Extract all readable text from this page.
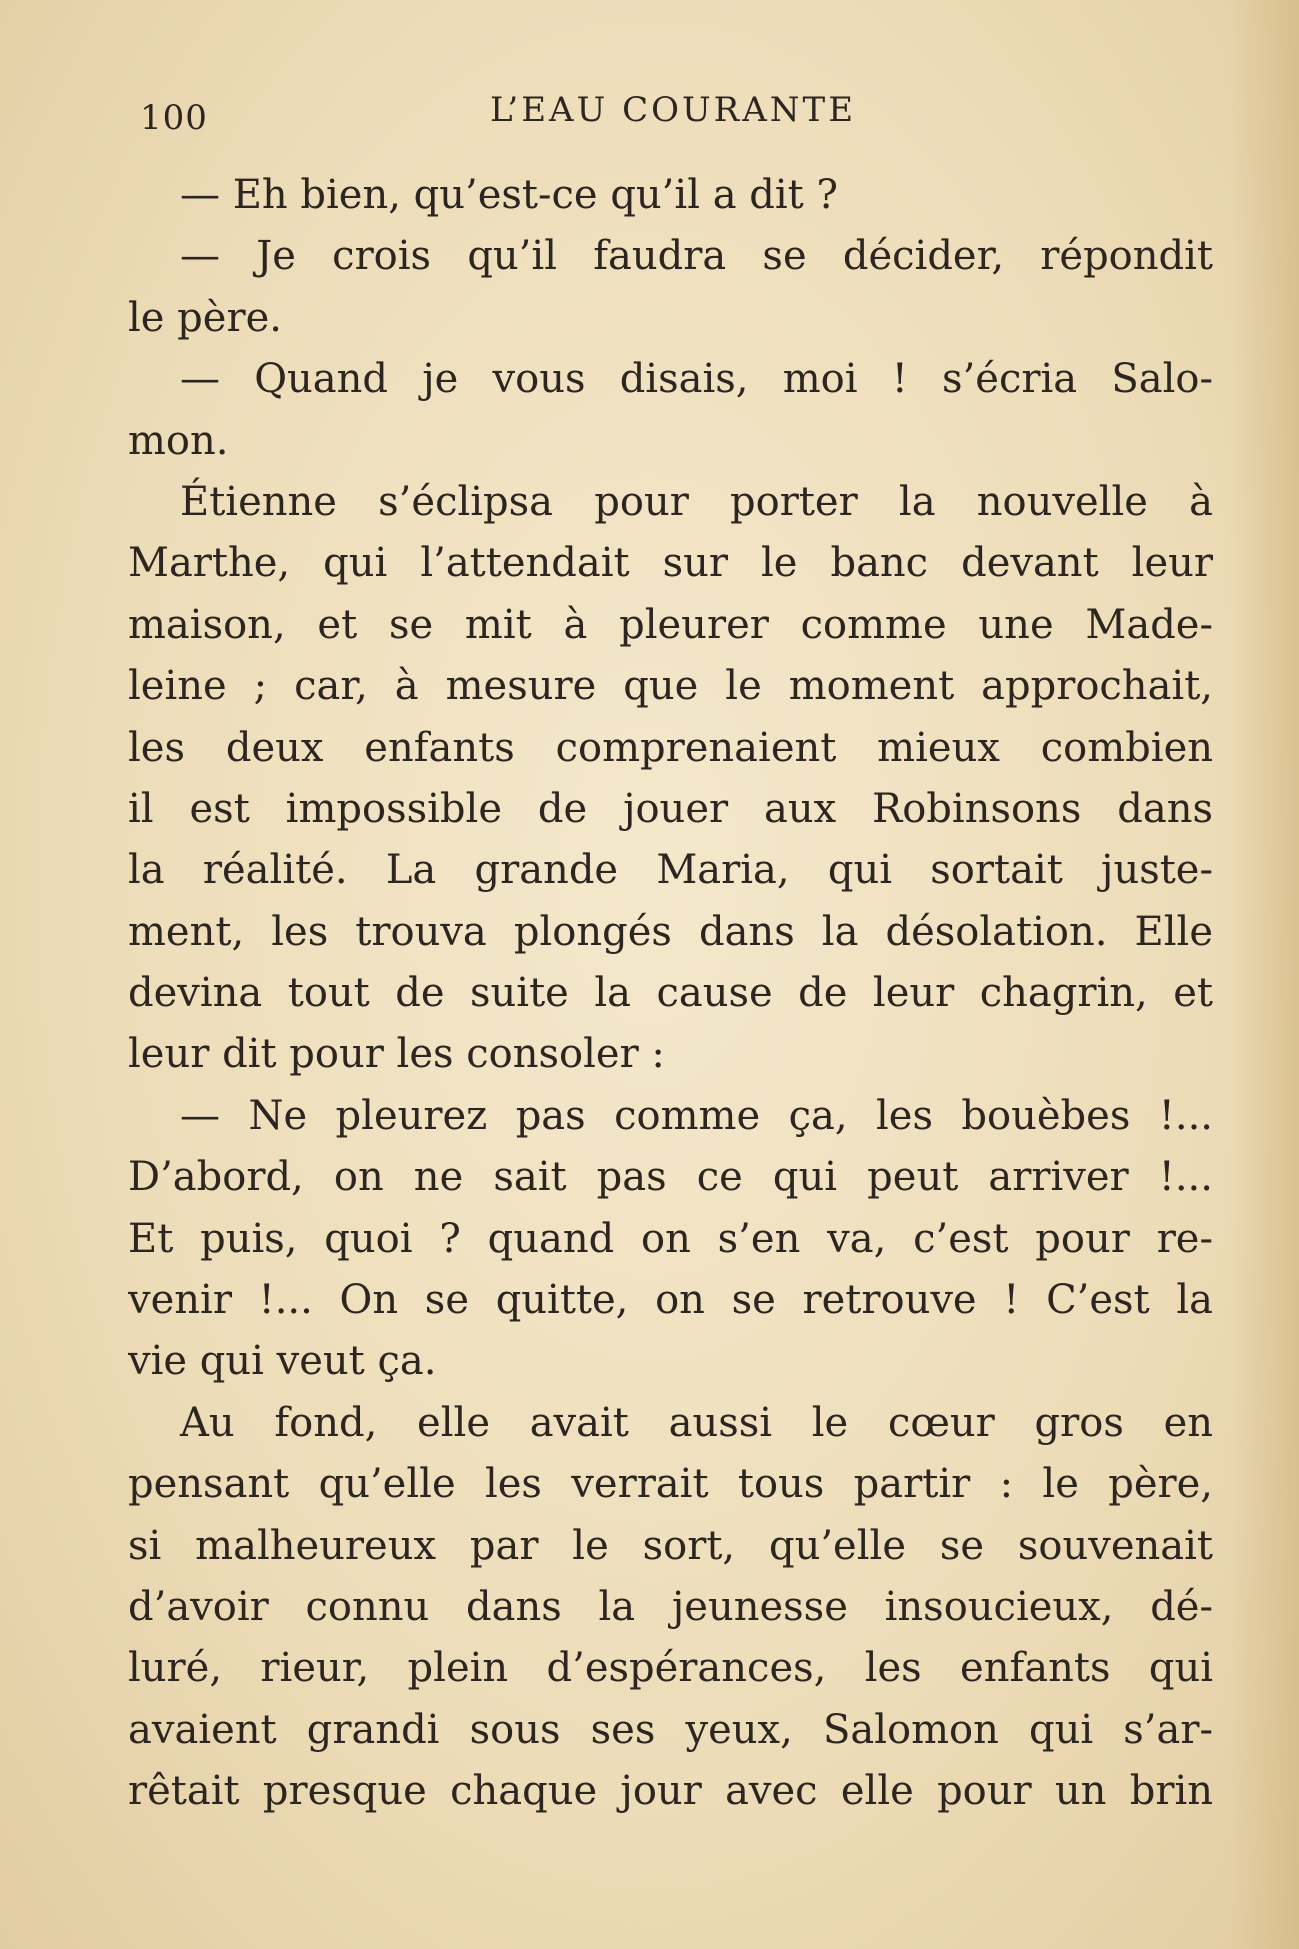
100	L’EAU COURANTE
— Eh bien, qu’est-ce qu’il a dit ?
— Je crois qu’il faudra se décider, répondit
le père.
— Quand je vous disais, moi ! s’écria Salo-
mon.
Étienne s’éclipsa pour porter la nouvelle à
Marthe, qui l’attendait sur le banc devant leur
maison, et se mit à pleurer comme une Made-
leine ; car, à mesure que le moment approchait,
les deux enfants comprenaient mieux combien
il est impossible de jouer aux Robinsons dans
la réalité. La grande Maria, qui sortait juste-
ment, les trouva plongés dans la désolation. Elle
devina tout de suite la cause de leur chagrin, et
leur dit pour les consoler :
— Ne pleurez pas comme ça, les bouèbes !...
D’abord, on ne sait pas ce qui peut arriver !...
Et puis, quoi ? quand on s’en va, c’est pour re-
venir !... On se quitte, on se retrouve ! C’est la
vie qui veut ça.
Au fond, elle avait aussi le cœur gros en
pensant qu’elle les verrait tous partir : le père,
si malheureux par le sort, qu’elle se souvenait
d’avoir connu dans la jeunesse insoucieux, dé-
luré, rieur, plein d’espérances, les enfants qui
avaient grandi sous ses yeux, Salomon qui s’ar-
rêtait presque chaque jour avec elle pour un brin
